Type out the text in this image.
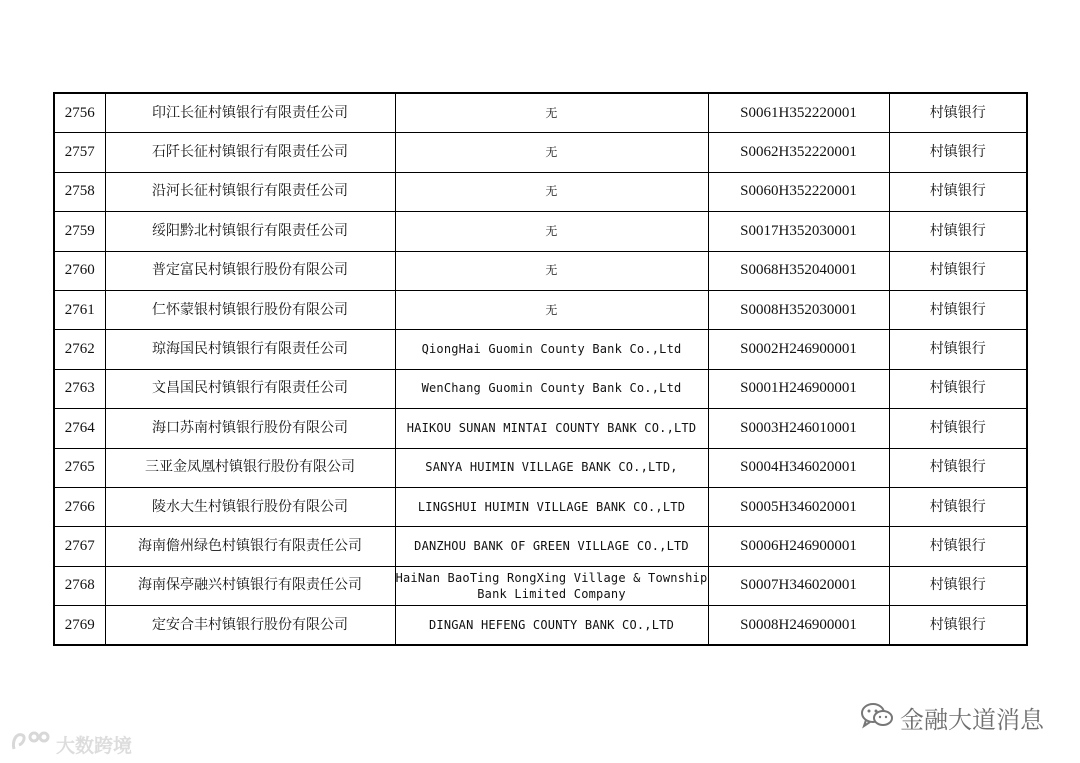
2756	印江长征村镇银行有限责任公司	无	S0061H352220001	村镇银行
2757	石阡长征村镇银行有限责任公司	无	S0062H352220001	村镇银行
2758	沿河长征村镇银行有限责任公司	无	S0060H352220001	村镇银行
2759	绥阳黔北村镇银行有限责任公司	无	S0017H352030001	村镇银行
2760	普定富民村镇银行股份有限公司	无	S0068H352040001	村镇银行
2761	仁怀蒙银村镇银行股份有限公司	无	S0008H352030001	村镇银行
2762	琼海国民村镇银行有限责任公司	QiongHai Guomin County Bank Co.,Ltd	S0002H246900001	村镇银行
2763	文昌国民村镇银行有限责任公司	WenChang Guomin County Bank Co.,Ltd	S0001H246900001	村镇银行
2764	海口苏南村镇银行股份有限公司	HAIKOU SUNAN MINTAI COUNTY BANK CO.,LTD	S0003H246010001	村镇银行
2765	三亚金凤凰村镇银行股份有限公司	SANYA HUIMIN VILLAGE BANK CO.,LTD,	S0004H346020001	村镇银行
2766	陵水大生村镇银行股份有限公司	LINGSHUI HUIMIN VILLAGE BANK CO.,LTD	S0005H346020001	村镇银行
2767	海南儋州绿色村镇银行有限责任公司	DANZHOU BANK OF GREEN VILLAGE CO.,LTD	S0006H246900001	村镇银行
2768	海南保亭融兴村镇银行有限责任公司	HaiNan BaoTing RongXing Village & Township Bank Limited Company	S0007H346020001	村镇银行
2769	定安合丰村镇银行股份有限公司	DINGAN HEFENG COUNTY BANK CO.,LTD	S0008H246900001	村镇银行
金融大道消息
大数跨境
